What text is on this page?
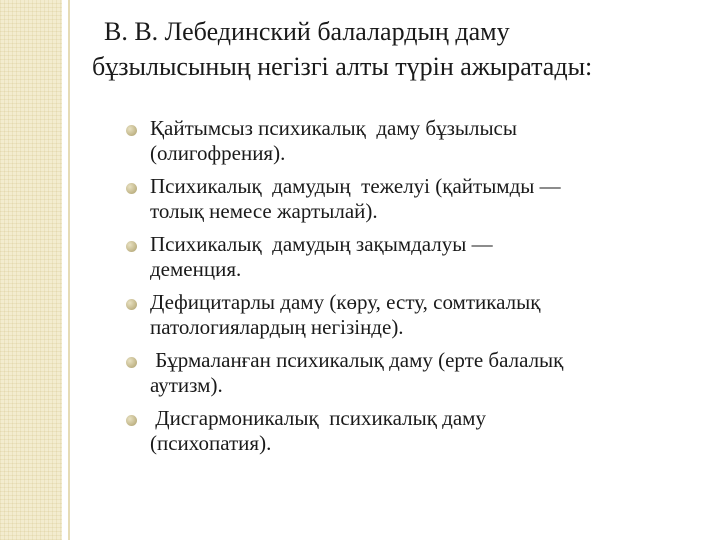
В. В. Лебединский балалардың даму
бұзылысының негізгі алты түрін ажыратады:
Қайтымсыз психикалық  даму бұзылысы
(олигофрения).
Психикалық  дамудың  тежелуі (қайтымды —
толық немесе жартылай).
Психикалық  дамудың зақымдалуы —
деменция.
Дефицитарлы даму (көру, есту, сомтикалық
патологиялардың негізінде).
Бұрмаланған психикалық даму (ерте балалық
аутизм).
Дисгармоникалық  психикалық даму
(психопатия).
